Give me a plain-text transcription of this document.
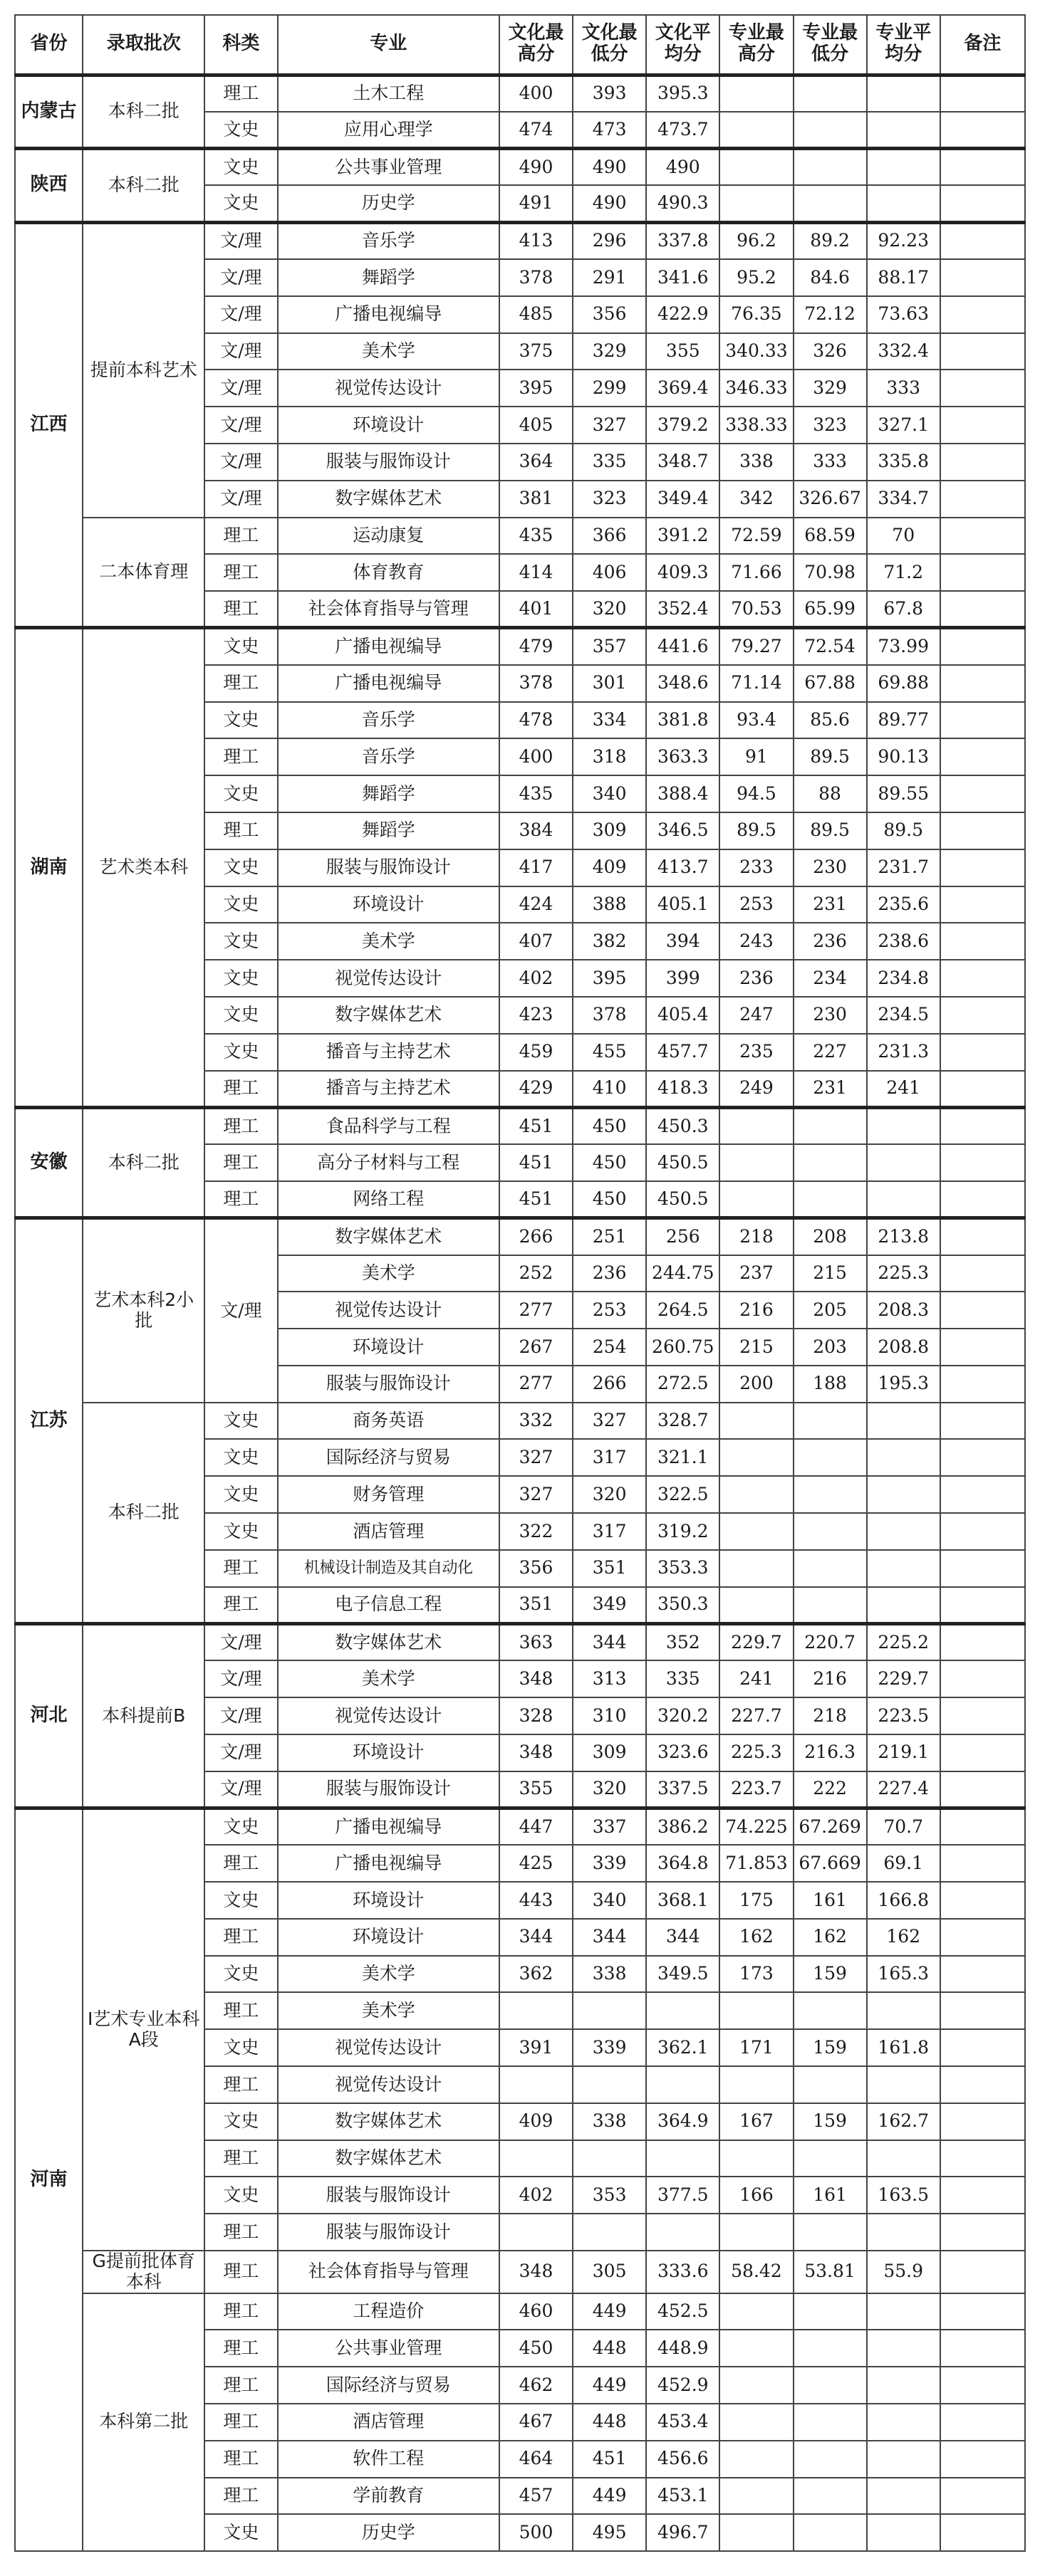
省份	录取批次	科类	专业	文化最高分	文化最低分	文化平均分	专业最高分	专业最低分	专业平均分	备注
内蒙古	本科二批	理工	土木工程	400	393	395.3				
		文史	应用心理学	474	473	473.7				
陕西	本科二批	文史	公共事业管理	490	490	490				
		文史	历史学	491	490	490.3				
江西	提前本科艺术	文/理	音乐学	413	296	337.8	96.2	89.2	92.23	
		文/理	舞蹈学	378	291	341.6	95.2	84.6	88.17	
		文/理	广播电视编导	485	356	422.9	76.35	72.12	73.63	
		文/理	美术学	375	329	355	340.33	326	332.4	
		文/理	视觉传达设计	395	299	369.4	346.33	329	333	
		文/理	环境设计	405	327	379.2	338.33	323	327.1	
		文/理	服装与服饰设计	364	335	348.7	338	333	335.8	
		文/理	数字媒体艺术	381	323	349.4	342	326.67	334.7	
	二本体育理	理工	运动康复	435	366	391.2	72.59	68.59	70	
		理工	体育教育	414	406	409.3	71.66	70.98	71.2	
		理工	社会体育指导与管理	401	320	352.4	70.53	65.99	67.8	
湖南	艺术类本科	文史	广播电视编导	479	357	441.6	79.27	72.54	73.99	
		理工	广播电视编导	378	301	348.6	71.14	67.88	69.88	
		文史	音乐学	478	334	381.8	93.4	85.6	89.77	
		理工	音乐学	400	318	363.3	91	89.5	90.13	
		文史	舞蹈学	435	340	388.4	94.5	88	89.55	
		理工	舞蹈学	384	309	346.5	89.5	89.5	89.5	
		文史	服装与服饰设计	417	409	413.7	233	230	231.7	
		文史	环境设计	424	388	405.1	253	231	235.6	
		文史	美术学	407	382	394	243	236	238.6	
		文史	视觉传达设计	402	395	399	236	234	234.8	
		文史	数字媒体艺术	423	378	405.4	247	230	234.5	
		文史	播音与主持艺术	459	455	457.7	235	227	231.3	
		理工	播音与主持艺术	429	410	418.3	249	231	241	
安徽	本科二批	理工	食品科学与工程	451	450	450.3				
		理工	高分子材料与工程	451	450	450.5				
		理工	网络工程	451	450	450.5				
江苏	艺术本科2小批	文/理	数字媒体艺术	266	251	256	218	208	213.8	
			美术学	252	236	244.75	237	215	225.3	
			视觉传达设计	277	253	264.5	216	205	208.3	
			环境设计	267	254	260.75	215	203	208.8	
			服装与服饰设计	277	266	272.5	200	188	195.3	
	本科二批	文史	商务英语	332	327	328.7				
		文史	国际经济与贸易	327	317	321.1				
		文史	财务管理	327	320	322.5				
		文史	酒店管理	322	317	319.2				
		理工	机械设计制造及其自动化	356	351	353.3				
		理工	电子信息工程	351	349	350.3				
河北	本科提前B	文/理	数字媒体艺术	363	344	352	229.7	220.7	225.2	
		文/理	美术学	348	313	335	241	216	229.7	
		文/理	视觉传达设计	328	310	320.2	227.7	218	223.5	
		文/理	环境设计	348	309	323.6	225.3	216.3	219.1	
		文/理	服装与服饰设计	355	320	337.5	223.7	222	227.4	
河南	I艺术专业本科A段	文史	广播电视编导	447	337	386.2	74.225	67.269	70.7	
		理工	广播电视编导	425	339	364.8	71.853	67.669	69.1	
		文史	环境设计	443	340	368.1	175	161	166.8	
		理工	环境设计	344	344	344	162	162	162	
		文史	美术学	362	338	349.5	173	159	165.3	
		理工	美术学							
		文史	视觉传达设计	391	339	362.1	171	159	161.8	
		理工	视觉传达设计							
		文史	数字媒体艺术	409	338	364.9	167	159	162.7	
		理工	数字媒体艺术							
		文史	服装与服饰设计	402	353	377.5	166	161	163.5	
		理工	服装与服饰设计							
	G提前批体育本科	理工	社会体育指导与管理	348	305	333.6	58.42	53.81	55.9	
	本科第二批	理工	工程造价	460	449	452.5				
		理工	公共事业管理	450	448	448.9				
		理工	国际经济与贸易	462	449	452.9				
		理工	酒店管理	467	448	453.4				
		理工	软件工程	464	451	456.6				
		理工	学前教育	457	449	453.1				
		文史	历史学	500	495	496.7				
